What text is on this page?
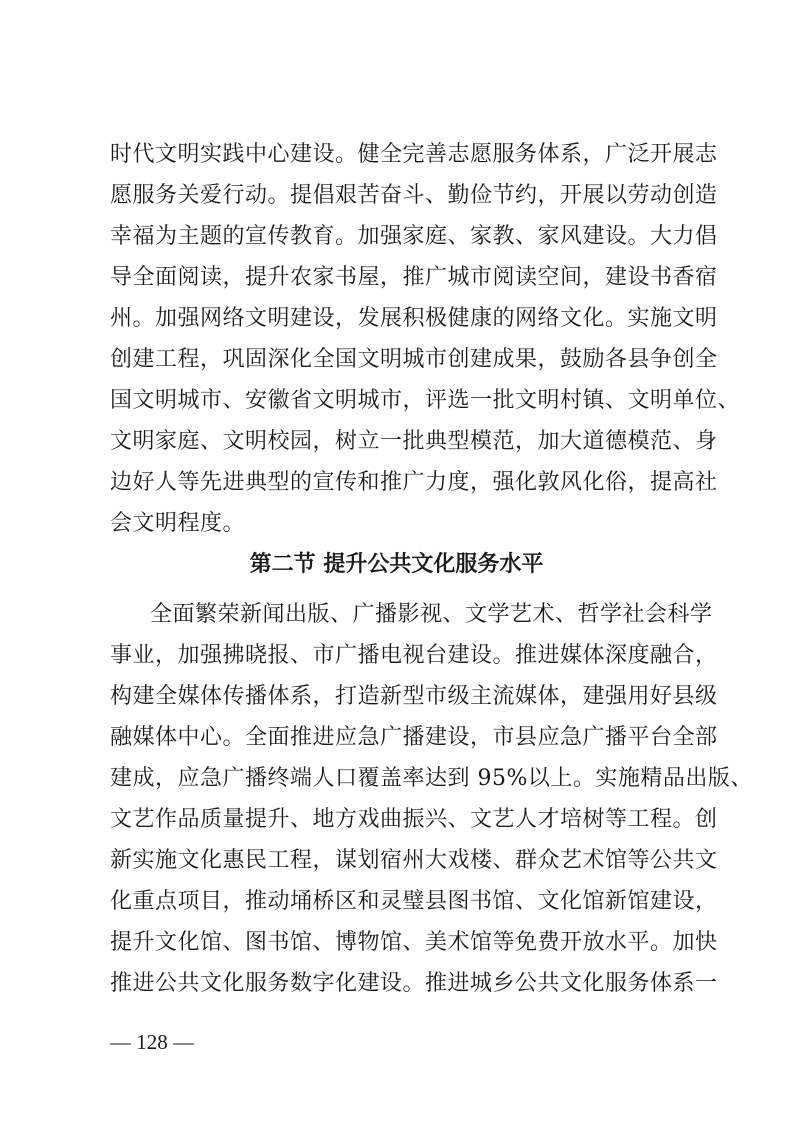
时代文明实践中心建设。健全完善志愿服务体系，广泛开展志
愿服务关爱行动。提倡艰苦奋斗、勤俭节约，开展以劳动创造
幸福为主题的宣传教育。加强家庭、家教、家风建设。大力倡
导全面阅读，提升农家书屋，推广城市阅读空间，建设书香宿
州。加强网络文明建设，发展积极健康的网络文化。实施文明
创建工程，巩固深化全国文明城市创建成果，鼓励各县争创全
国文明城市、安徽省文明城市，评选一批文明村镇、文明单位、
文明家庭、文明校园，树立一批典型模范，加大道德模范、身
边好人等先进典型的宣传和推广力度，强化敦风化俗，提高社
会文明程度。
第二节 提升公共文化服务水平
全面繁荣新闻出版、广播影视、文学艺术、哲学社会科学
事业，加强拂晓报、市广播电视台建设。推进媒体深度融合，
构建全媒体传播体系，打造新型市级主流媒体，建强用好县级
融媒体中心。全面推进应急广播建设，市县应急广播平台全部
建成，应急广播终端人口覆盖率达到 95%以上。实施精品出版、
文艺作品质量提升、地方戏曲振兴、文艺人才培树等工程。创
新实施文化惠民工程，谋划宿州大戏楼、群众艺术馆等公共文
化重点项目，推动埇桥区和灵璧县图书馆、文化馆新馆建设，
提升文化馆、图书馆、博物馆、美术馆等免费开放水平。加快
推进公共文化服务数字化建设。推进城乡公共文化服务体系一
— 128 —
